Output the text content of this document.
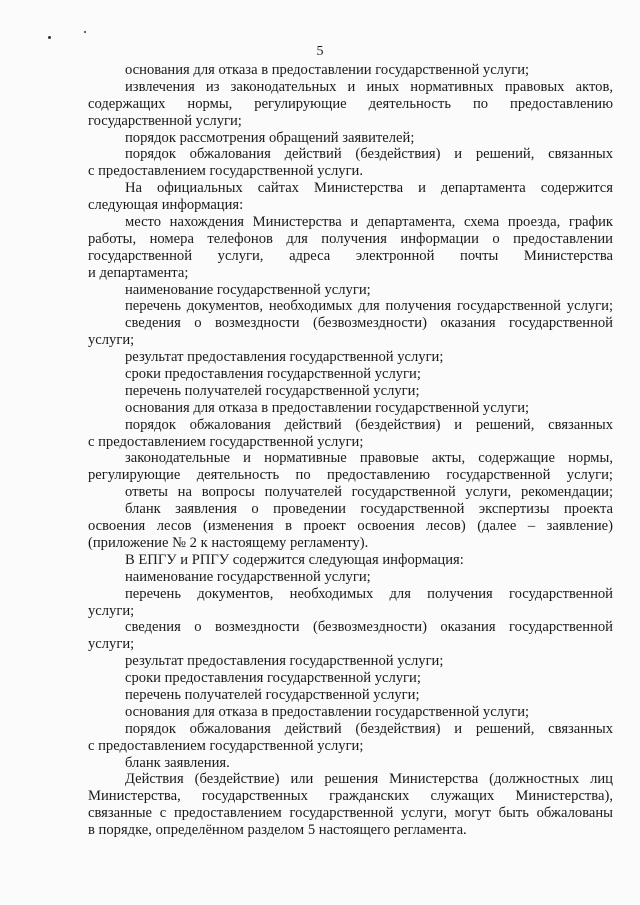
5
основания для отказа в предоставлении государственной услуги;
извлечения из законодательных и иных нормативных правовых актов,
содержащих нормы, регулирующие деятельность по предоставлению
государственной услуги;
порядок рассмотрения обращений заявителей;
порядок обжалования действий (бездействия) и решений, связанных
с предоставлением государственной услуги.
На официальных сайтах Министерства и департамента содержится
следующая информация:
место нахождения Министерства и департамента, схема проезда, график
работы, номера телефонов для получения информации о предоставлении
государственной услуги, адреса электронной почты Министерства
и департамента;
наименование государственной услуги;
перечень документов, необходимых для получения государственной услуги;
сведения о возмездности (безвозмездности) оказания государственной
услуги;
результат предоставления государственной услуги;
сроки предоставления государственной услуги;
перечень получателей государственной услуги;
основания для отказа в предоставлении государственной услуги;
порядок обжалования действий (бездействия) и решений, связанных
с предоставлением государственной услуги;
законодательные и нормативные правовые акты, содержащие нормы,
регулирующие деятельность по предоставлению государственной услуги;
ответы на вопросы получателей государственной услуги, рекомендации;
бланк заявления о проведении государственной экспертизы проекта
освоения лесов (изменения в проект освоения лесов) (далее – заявление)
(приложение № 2 к настоящему регламенту).
В ЕПГУ и РПГУ содержится следующая информация:
наименование государственной услуги;
перечень документов, необходимых для получения государственной
услуги;
сведения о возмездности (безвозмездности) оказания государственной
услуги;
результат предоставления государственной услуги;
сроки предоставления государственной услуги;
перечень получателей государственной услуги;
основания для отказа в предоставлении государственной услуги;
порядок обжалования действий (бездействия) и решений, связанных
с предоставлением государственной услуги;
бланк заявления.
Действия (бездействие) или решения Министерства (должностных лиц
Министерства, государственных гражданских служащих Министерства),
связанные с предоставлением государственной услуги, могут быть обжалованы
в порядке, определённом разделом 5 настоящего регламента.
